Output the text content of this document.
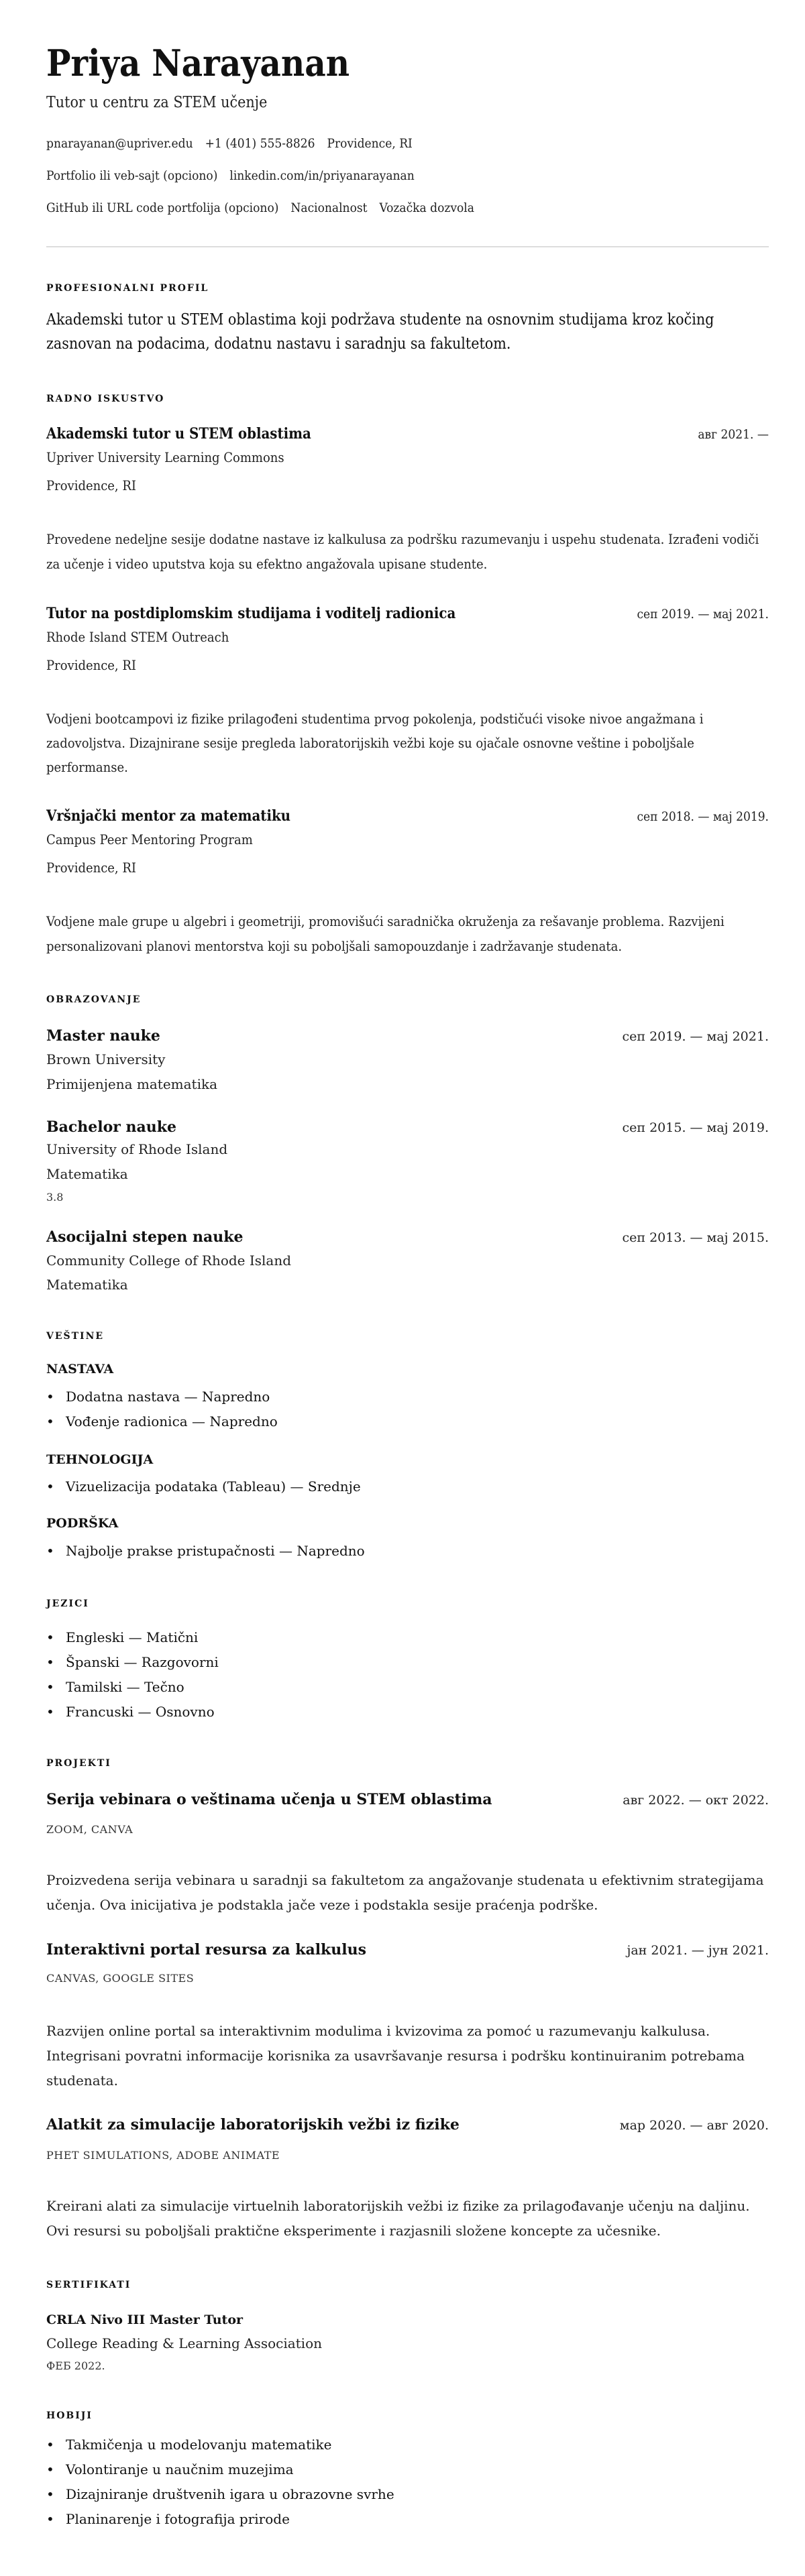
Priya Narayanan
Tutor u centru za STEM učenje
pnarayanan@upriver.edu +1 (401) 555-8826 Providence, RI
Portfolio ili veb-sajt (opciono) linkedin.com/in/priyanarayanan
GitHub ili URL code portfolija (opciono) Nacionalnost Vozačka dozvola
PROFESIONALNI PROFIL
Akademski tutor u STEM oblastima koji podržava studente na osnovnim studijama kroz kočing zasnovan na podacima, dodatnu nastavu i saradnju sa fakultetom.
RADNO ISKUSTVO
Akademski tutor u STEM oblastima	авг 2021. —
Upriver University Learning Commons
Providence, RI
Provedene nedeljne sesije dodatne nastave iz kalkulusa za podršku razumevanju i uspehu studenata. Izrađeni vodiči za učenje i video uputstva koja su efektno angažovala upisane studente.
Tutor na postdiplomskim studijama i voditelj radionica	сеп 2019. — мај 2021.
Rhode Island STEM Outreach
Providence, RI
Vodjeni bootcampovi iz fizike prilagođeni studentima prvog pokolenja, podstičući visoke nivoe angažmana i zadovoljstva. Dizajnirane sesije pregleda laboratorijskih vežbi koje su ojačale osnovne veštine i poboljšale performanse.
Vršnjački mentor za matematiku	сеп 2018. — мај 2019.
Campus Peer Mentoring Program
Providence, RI
Vodjene male grupe u algebri i geometriji, promovišući saradnička okruženja za rešavanje problema. Razvijeni personalizovani planovi mentorstva koji su poboljšali samopouzdanje i zadržavanje studenata.
OBRAZOVANJE
Master nauke	сеп 2019. — мај 2021.
Brown University
Primijenjena matematika
Bachelor nauke	сеп 2015. — мај 2019.
University of Rhode Island
Matematika
3.8
Asocijalni stepen nauke	сеп 2013. — мај 2015.
Community College of Rhode Island
Matematika
VEŠTINE
NASTAVA
• Dodatna nastava — Napredno
• Vođenje radionica — Napredno
TEHNOLOGIJA
• Vizuelizacija podataka (Tableau) — Srednje
PODRŠKA
• Najbolje prakse pristupačnosti — Napredno
JEZICI
• Engleski — Matični
• Španski — Razgovorni
• Tamilski — Tečno
• Francuski — Osnovno
PROJEKTI
Serija vebinara o veštinama učenja u STEM oblastima	авг 2022. — окт 2022.
ZOOM, CANVA
Proizvedena serija vebinara u saradnji sa fakultetom za angažovanje studenata u efektivnim strategijama učenja. Ova inicijativa je podstakla jače veze i podstakla sesije praćenja podrške.
Interaktivni portal resursa za kalkulus	јан 2021. — јун 2021.
CANVAS, GOOGLE SITES
Razvijen online portal sa interaktivnim modulima i kvizovima za pomoć u razumevanju kalkulusa. Integrisani povratni informacije korisnika za usavršavanje resursa i podršku kontinuiranim potrebama studenata.
Alatkit za simulacije laboratorijskih vežbi iz fizike	мар 2020. — авг 2020.
PHET SIMULATIONS, ADOBE ANIMATE
Kreirani alati za simulacije virtuelnih laboratorijskih vežbi iz fizike za prilagođavanje učenju na daljinu. Ovi resursi su poboljšali praktične eksperimente i razjasnili složene koncepte za učesnike.
SERTIFIKATI
CRLA Nivo III Master Tutor
College Reading & Learning Association
ФЕБ 2022.
HOBIJI
• Takmičenja u modelovanju matematike
• Volontiranje u naučnim muzejima
• Dizajniranje društvenih igara u obrazovne svrhe
• Planinarenje i fotografija prirode
